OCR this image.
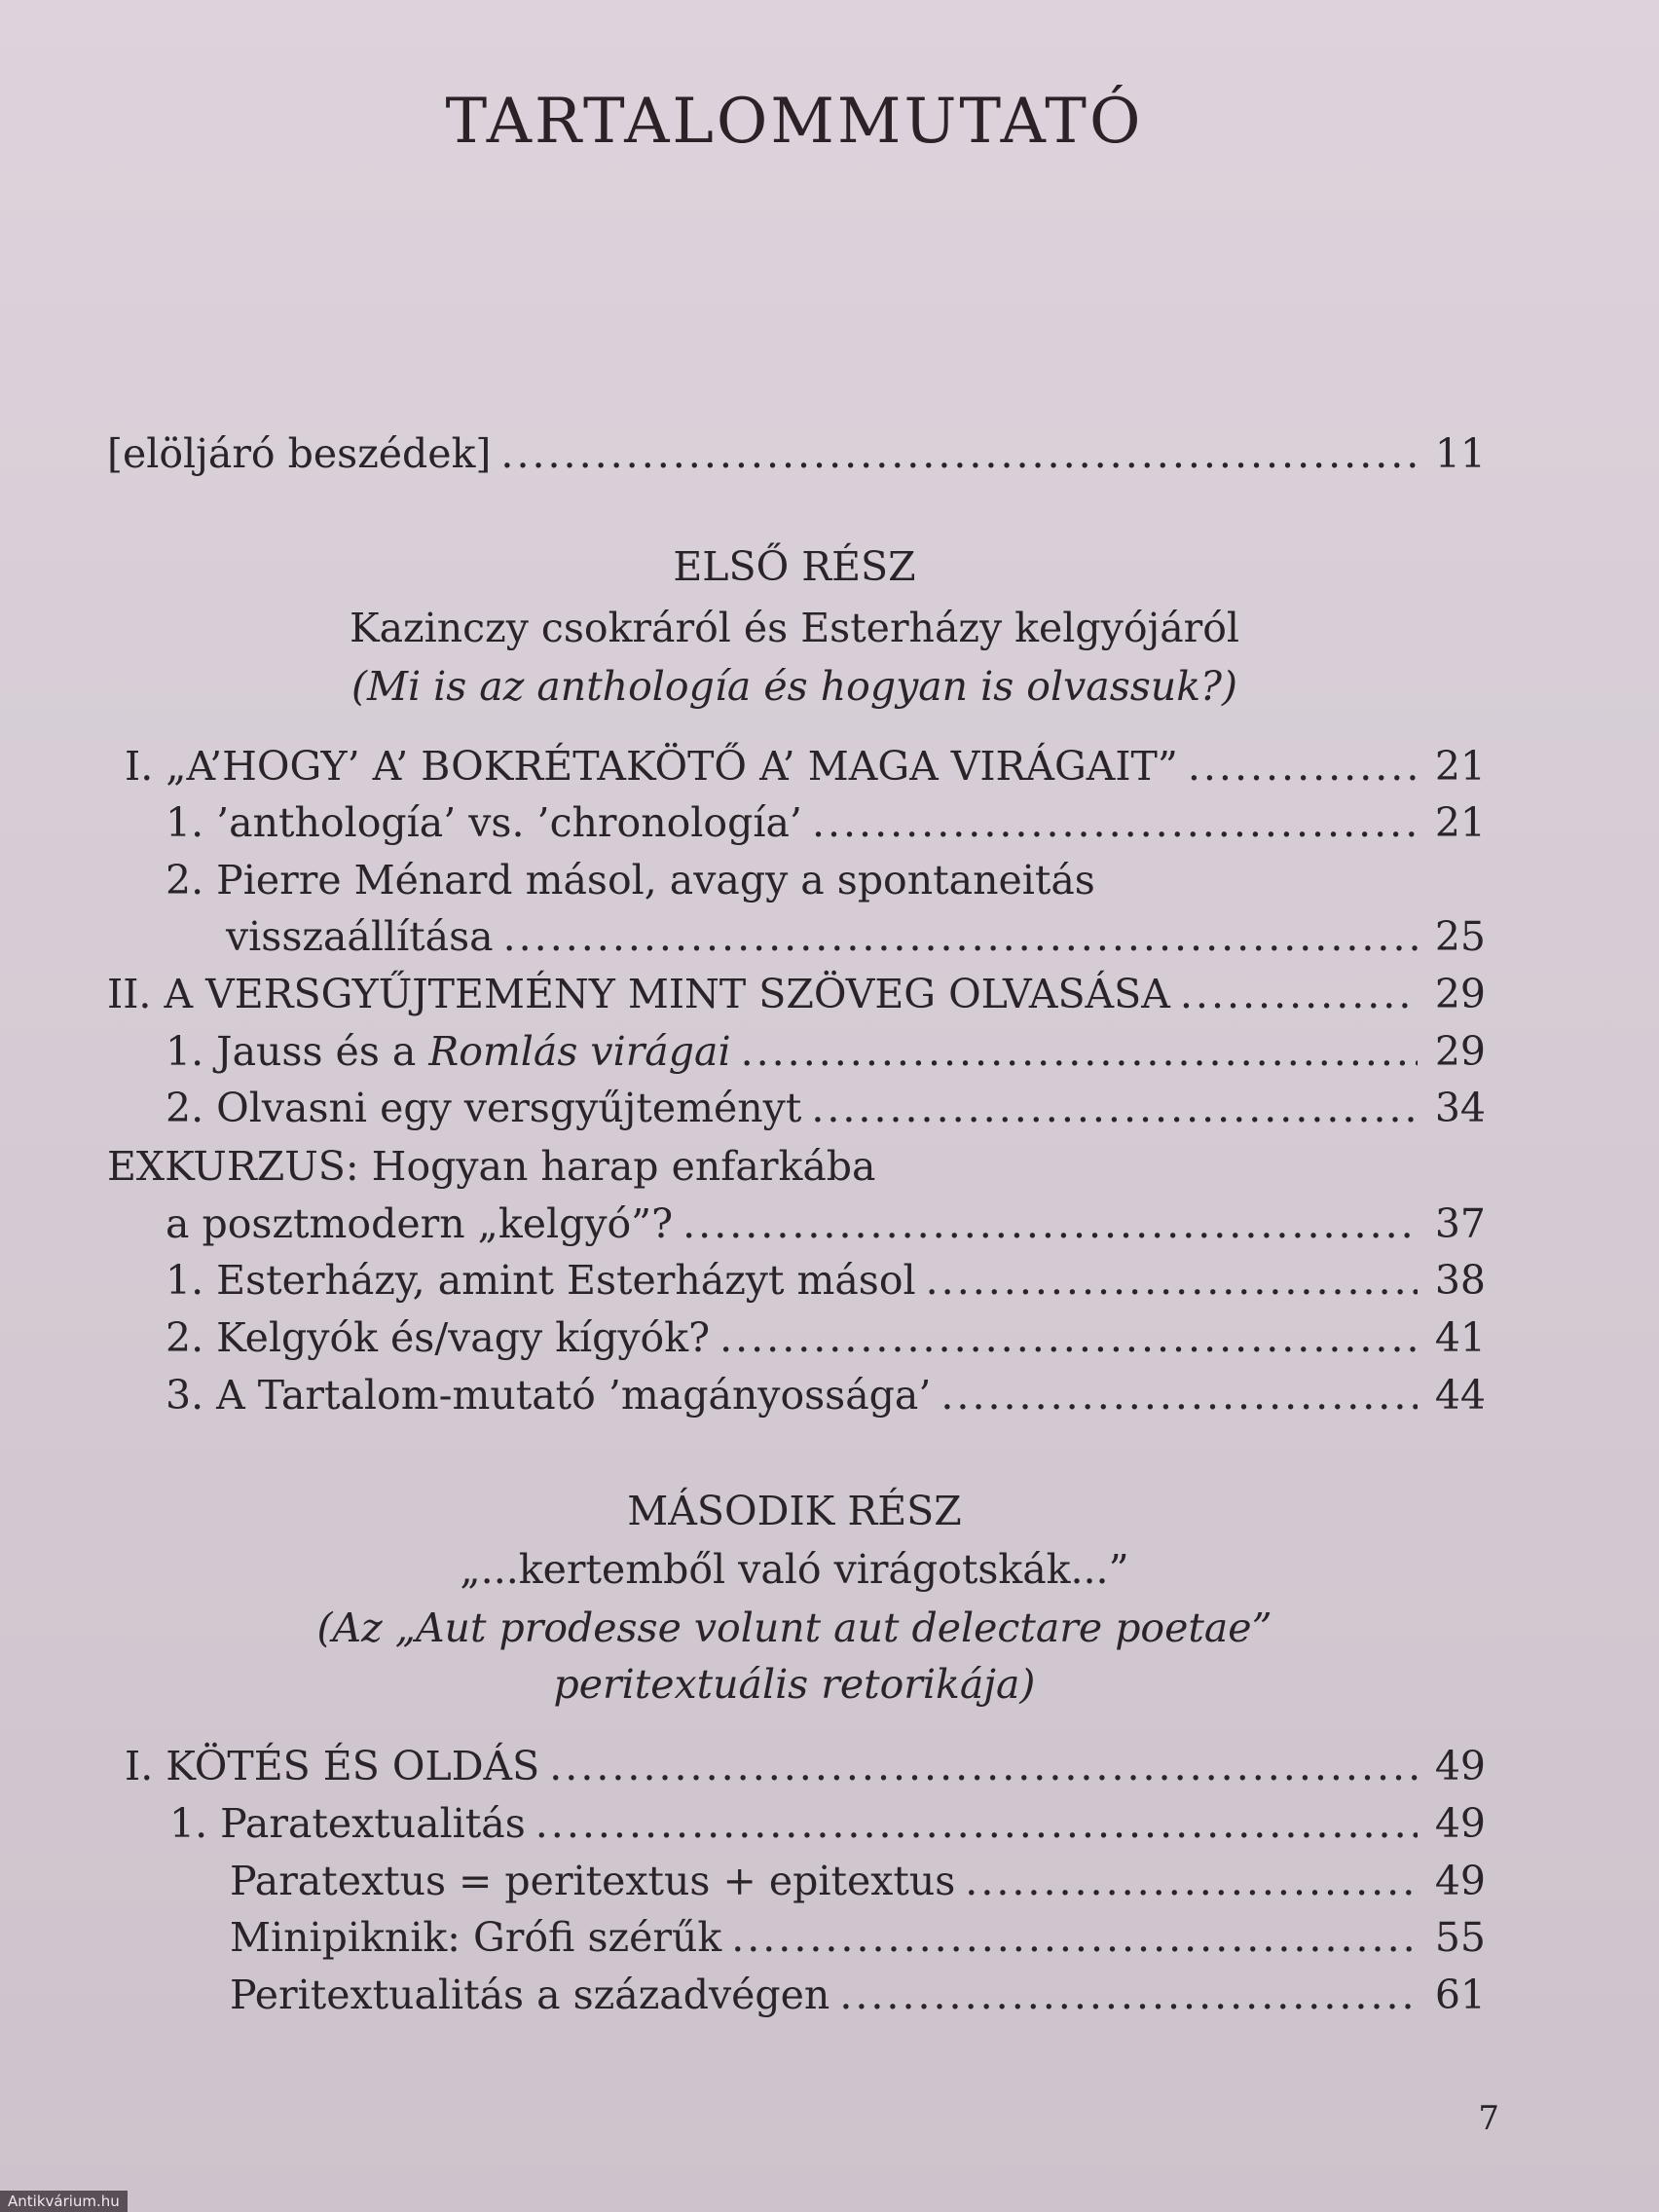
TARTALOMMUTATÓ
[elöljáró beszédek] .....	11
ELSŐ RÉSZ
Kazinczy csokráról és Esterházy kelgyójáról
(Mi is az anthología és hogyan is olvassuk?)
I. „A’HOGY’ A’ BOKRÉTAKÖTŐ A’ MAGA VIRÁGAIT” .....	21
1. ’anthología’ vs. ’chronología’ .....	21
2. Pierre Ménard másol, avagy a spontaneitás
visszaállítása .....	25
II. A VERSGYŰJTEMÉNY MINT SZÖVEG OLVASÁSA .....	29
1. Jauss és a Romlás virágai .....	29
2. Olvasni egy versgyűjteményt .....	34
EXKURZUS: Hogyan harap enfarkába
a posztmodern „kelgyó”? .....	37
1. Esterházy, amint Esterházyt másol .....	38
2. Kelgyók és/vagy kígyók? .....	41
3. A Tartalom-mutató ’magányossága’ .....	44
MÁSODIK RÉSZ
„...kertemből való virágotskák...”
(Az „Aut prodesse volunt aut delectare poetae”
peritextuális retorikája)
I. KÖTÉS ÉS OLDÁS .....	49
1. Paratextualitás .....	49
Paratextus = peritextus + epitextus .....	49
Minipiknik: Grófi szérűk .....	55
Peritextualitás a századvégen .....	61
7
Antikvárium.hu
